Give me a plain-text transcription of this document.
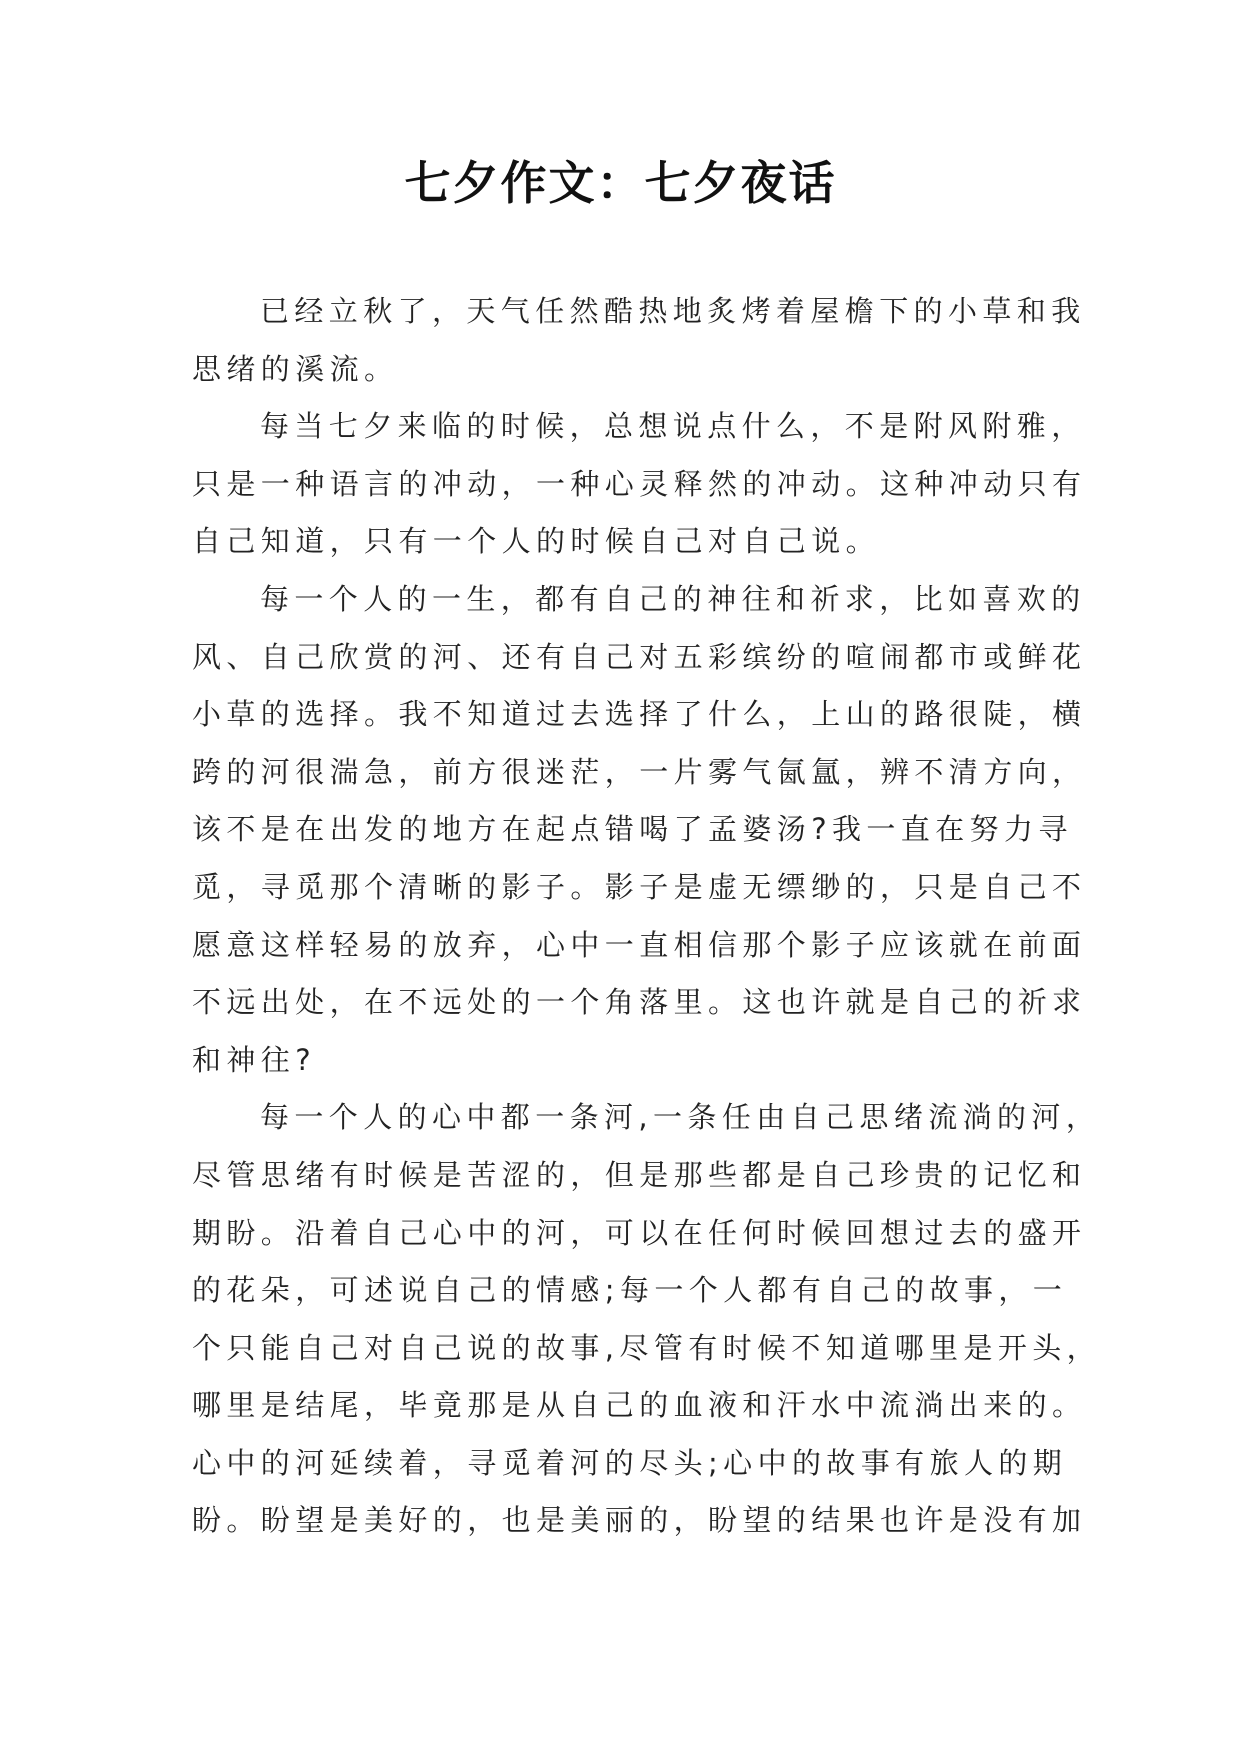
七夕作文：七夕夜话
已经立秋了，天气任然酷热地炙烤着屋檐下的小草和我
思绪的溪流。
每当七夕来临的时候，总想说点什么，不是附风附雅，
只是一种语言的冲动，一种心灵释然的冲动。这种冲动只有
自己知道，只有一个人的时候自己对自己说。
每一个人的一生，都有自己的神往和祈求，比如喜欢的
风、自己欣赏的河、还有自己对五彩缤纷的喧闹都市或鲜花
小草的选择。我不知道过去选择了什么，上山的路很陡，横
跨的河很湍急，前方很迷茫，一片雾气氤氲，辨不清方向，
该不是在出发的地方在起点错喝了孟婆汤?我一直在努力寻
觅，寻觅那个清晰的影子。影子是虚无缥缈的，只是自己不
愿意这样轻易的放弃，心中一直相信那个影子应该就在前面
不远出处，在不远处的一个角落里。这也许就是自己的祈求
和神往?
每一个人的心中都一条河,一条任由自己思绪流淌的河，
尽管思绪有时候是苦涩的，但是那些都是自己珍贵的记忆和
期盼。沿着自己心中的河，可以在任何时候回想过去的盛开
的花朵，可述说自己的情感;每一个人都有自己的故事，一
个只能自己对自己说的故事,尽管有时候不知道哪里是开头，
哪里是结尾，毕竟那是从自己的血液和汗水中流淌出来的。
心中的河延续着，寻觅着河的尽头;心中的故事有旅人的期
盼。盼望是美好的，也是美丽的，盼望的结果也许是没有加
